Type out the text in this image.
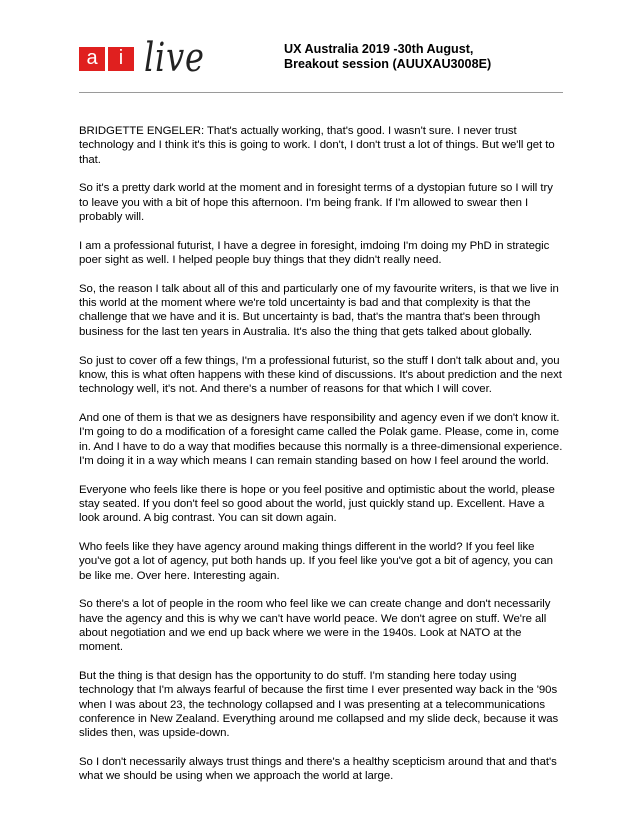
a	i live	UX Australia 2019 -30th August,
Breakout session (AUUXAU3008E)

BRIDGETTE ENGELER: That's actually working, that's good. I wasn't sure. I never trust technology and I think it's this is going to work. I don't, I don't trust a lot of things. But we'll get to that.

So it's a pretty dark world at the moment and in foresight terms of a dystopian future so I will try to leave you with a bit of hope this afternoon. I'm being frank. If I'm allowed to swear then I probably will.

I am a professional futurist, I have a degree in foresight, imdoing I'm doing my PhD in strategic poer sight as well. I helped people buy things that they didn't really need.

So, the reason I talk about all of this and particularly one of my favourite writers, is that we live in this world at the moment where we're told uncertainty is bad and that complexity is that the challenge that we have and it is. But uncertainty is bad, that's the mantra that's been through business for the last ten years in Australia. It's also the thing that gets talked about globally.

So just to cover off a few things, I'm a professional futurist, so the stuff I don't talk about and, you know, this is what often happens with these kind of discussions. It's about prediction and the next technology well, it's not. And there's a number of reasons for that which I will cover.

And one of them is that we as designers have responsibility and agency even if we don't know it. I'm going to do a modification of a foresight came called the Polak game. Please, come in, come in. And I have to do a way that modifies because this normally is a three-dimensional experience. I'm doing it in a way which means I can remain standing based on how I feel around the world.

Everyone who feels like there is hope or you feel positive and optimistic about the world, please stay seated. If you don't feel so good about the world, just quickly stand up. Excellent. Have a look around. A big contrast. You can sit down again.

Who feels like they have agency around making things different in the world? If you feel like you've got a lot of agency, put both hands up. If you feel like you've got a bit of agency, you can be like me. Over here. Interesting again.

So there's a lot of people in the room who feel like we can create change and don't necessarily have the agency and this is why we can't have world peace. We don't agree on stuff. We're all about negotiation and we end up back where we were in the 1940s. Look at NATO at the moment.

But the thing is that design has the opportunity to do stuff. I'm standing here today using technology that I'm always fearful of because the first time I ever presented way back in the '90s when I was about 23, the technology collapsed and I was presenting at a telecommunications conference in New Zealand. Everything around me collapsed and my slide deck, because it was slides then, was upside-down.

So I don't necessarily always trust things and there's a healthy scepticism around that and that's what we should be using when we approach the world at large.
